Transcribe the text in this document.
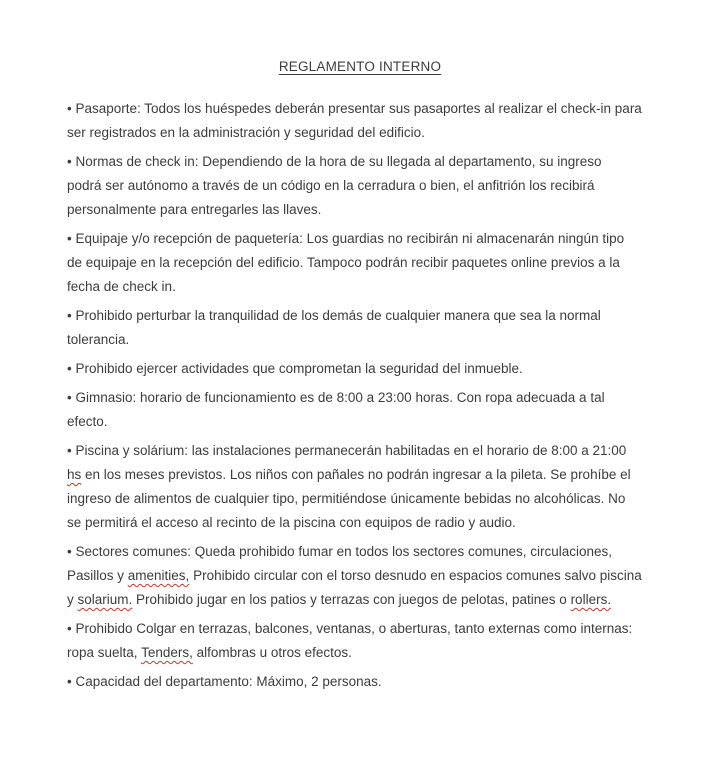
REGLAMENTO INTERNO
• Pasaporte: Todos los huéspedes deberán presentar sus pasaportes al realizar el check-in para
ser registrados en la administración y seguridad del edificio.
• Normas de check in: Dependiendo de la hora de su llegada al departamento, su ingreso
podrá ser autónomo a través de un código en la cerradura o bien, el anfitrión los recibirá
personalmente para entregarles las llaves.
• Equipaje y/o recepción de paquetería: Los guardias no recibirán ni almacenarán ningún tipo
de equipaje en la recepción del edificio. Tampoco podrán recibir paquetes online previos a la
fecha de check in.
• Prohibido perturbar la tranquilidad de los demás de cualquier manera que sea la normal
tolerancia.
• Prohibido ejercer actividades que comprometan la seguridad del inmueble.
• Gimnasio: horario de funcionamiento es de 8:00 a 23:00 horas. Con ropa adecuada a tal
efecto.
• Piscina y solárium: las instalaciones permanecerán habilitadas en el horario de 8:00 a 21:00
hs en los meses previstos. Los niños con pañales no podrán ingresar a la pileta. Se prohíbe el
ingreso de alimentos de cualquier tipo, permitiéndose únicamente bebidas no alcohólicas. No
se permitirá el acceso al recinto de la piscina con equipos de radio y audio.
• Sectores comunes: Queda prohibido fumar en todos los sectores comunes, circulaciones,
Pasillos y amenities, Prohibido circular con el torso desnudo en espacios comunes salvo piscina
y solarium. Prohibido jugar en los patios y terrazas con juegos de pelotas, patines o rollers.
• Prohibido Colgar en terrazas, balcones, ventanas, o aberturas, tanto externas como internas:
ropa suelta, Tenders, alfombras u otros efectos.
• Capacidad del departamento: Máximo, 2 personas.
